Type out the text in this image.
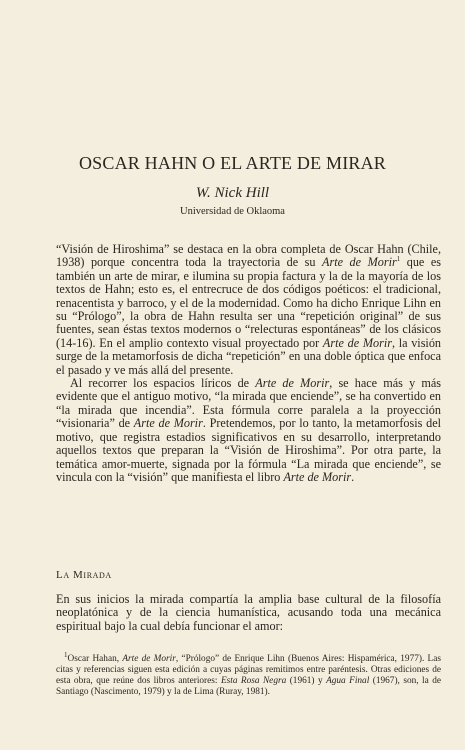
OSCAR HAHN O EL ARTE DE MIRAR
W. Nick Hill
Universidad de Oklaoma

“Visión de Hiroshima” se destaca en la obra completa de Oscar Hahn (Chile, 1938) porque concentra toda la trayectoria de su Arte de Morir$^1$ que es también un arte de mirar, e ilumina su propia factura y la de la mayoría de los textos de Hahn; esto es, el entrecruce de dos códigos poéticos: el tradicional, renacentista y barroco, y el de la modernidad. Como ha dicho Enrique Lihn en su “Prólogo”, la obra de Hahn resulta ser una “repetición original” de sus fuentes, sean éstas textos modernos o “relecturas espontáneas” de los clásicos (14-16). En el amplio contexto visual proyectado por Arte de Morir, la visión surge de la metamorfosis de dicha “repetición” en una doble óptica que enfoca el pasado y ve más allá del presente.

Al recorrer los espacios líricos de Arte de Morir, se hace más y más evidente que el antiguo motivo, “la mirada que enciende”, se ha convertido en “la mirada que incendia”. Esta fórmula corre paralela a la proyección “visionaria” de Arte de Morir. Pretendemos, por lo tanto, la metamorfosis del motivo, que registra estadios significativos en su desarrollo, interpretando aquellos textos que preparan la “Visión de Hiroshima”. Por otra parte, la temática amor-muerte, signada por la fórmula “La mirada que enciende”, se vincula con la “visión” que manifiesta el libro Arte de Morir.

La Mirada

En sus inicios la mirada compartía la amplia base cultural de la filosofía neoplatónica y de la ciencia humanística, acusando toda una mecánica espiritual bajo la cual debía funcionar el amor:

$^1$Oscar Hahan, Arte de Morir, “Prólogo” de Enrique Lihn (Buenos Aires: Hispamérica, 1977). Las citas y referencias siguen esta edición a cuyas páginas remitimos entre paréntesis. Otras ediciones de esta obra, que reúne dos libros anteriores: Esta Rosa Negra (1961) y Agua Final (1967), son, la de Santiago (Nascimento, 1979) y la de Lima (Ruray, 1981).
